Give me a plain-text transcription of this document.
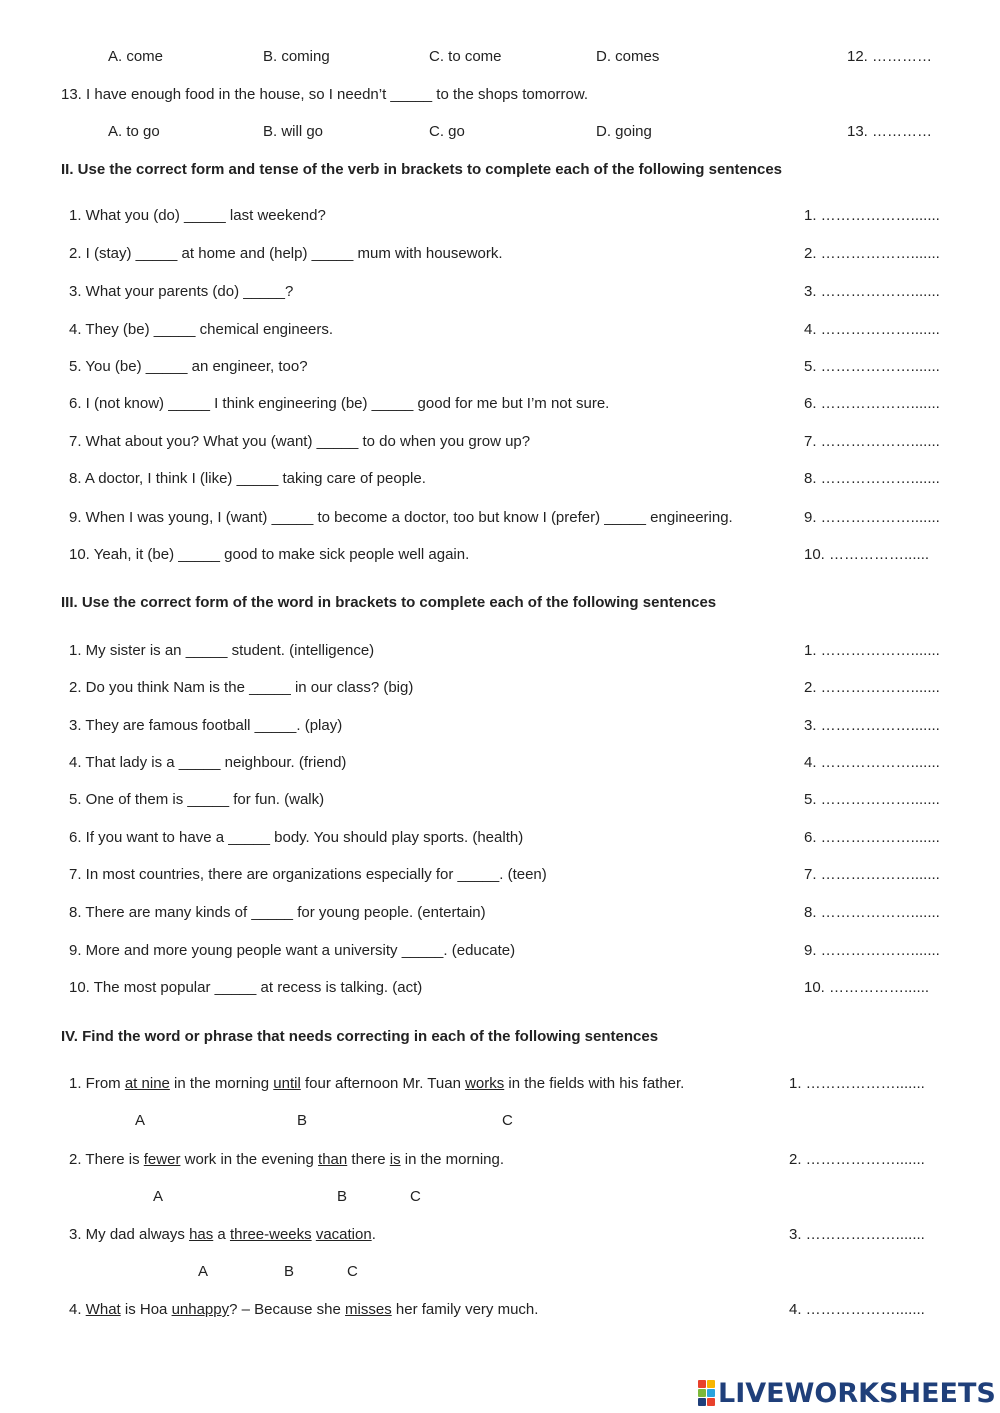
A. come	B. coming	C. to come	D. comes	12. …………
13. I have enough food in the house, so I needn’t _____ to the shops tomorrow.
A. to go	B. will go	C. go	D. going	13. …………
II. Use the correct form and tense of the verb in brackets to complete each of the following sentences
1. What you (do) _____ last weekend?	1. ……………….......
2. I (stay) _____ at home and (help) _____ mum with housework.	2. ……………….......
3. What your parents (do) _____?	3. ……………….......
4. They (be) _____ chemical engineers.	4. ……………….......
5. You (be) _____ an engineer, too?	5. ……………….......
6. I (not know) _____ I think engineering (be) _____ good for me but I’m not sure.	6. ……………….......
7. What about you? What you (want) _____ to do when you grow up?	7. ……………….......
8. A doctor, I think I (like) _____ taking care of people.	8. ……………….......
9. When I was young, I (want) _____ to become a doctor, too but know I (prefer) _____ engineering.	9. ……………….......
10. Yeah, it (be) _____ good to make sick people well again.	10. ……………......
III. Use the correct form of the word in brackets to complete each of the following sentences
1. My sister is an _____ student. (intelligence)	1. ……………….......
2. Do you think Nam is the _____ in our class? (big)	2. ……………….......
3. They are famous football _____. (play)	3. ……………….......
4. That lady is a _____ neighbour. (friend)	4. ……………….......
5. One of them is _____ for fun. (walk)	5. ……………….......
6. If you want to have a _____ body. You should play sports. (health)	6. ……………….......
7. In most countries, there are organizations especially for _____. (teen)	7. ……………….......
8. There are many kinds of _____ for young people. (entertain)	8. ……………….......
9. More and more young people want a university _____. (educate)	9. ……………….......
10. The most popular _____ at recess is talking. (act)	10. ……………......
IV. Find the word or phrase that needs correcting in each of the following sentences
1. From at nine in the morning until four afternoon Mr. Tuan works in the fields with his father.	1. ……………….......
A	B	C
2. There is fewer work in the evening than there is in the morning.	2. ……………….......
A	B	C
3. My dad always has a three-weeks vacation.	3. ……………….......
A	B	C
4. What is Hoa unhappy? – Because she misses her family very much.	4. ……………….......
LIVEWORKSHEETS
